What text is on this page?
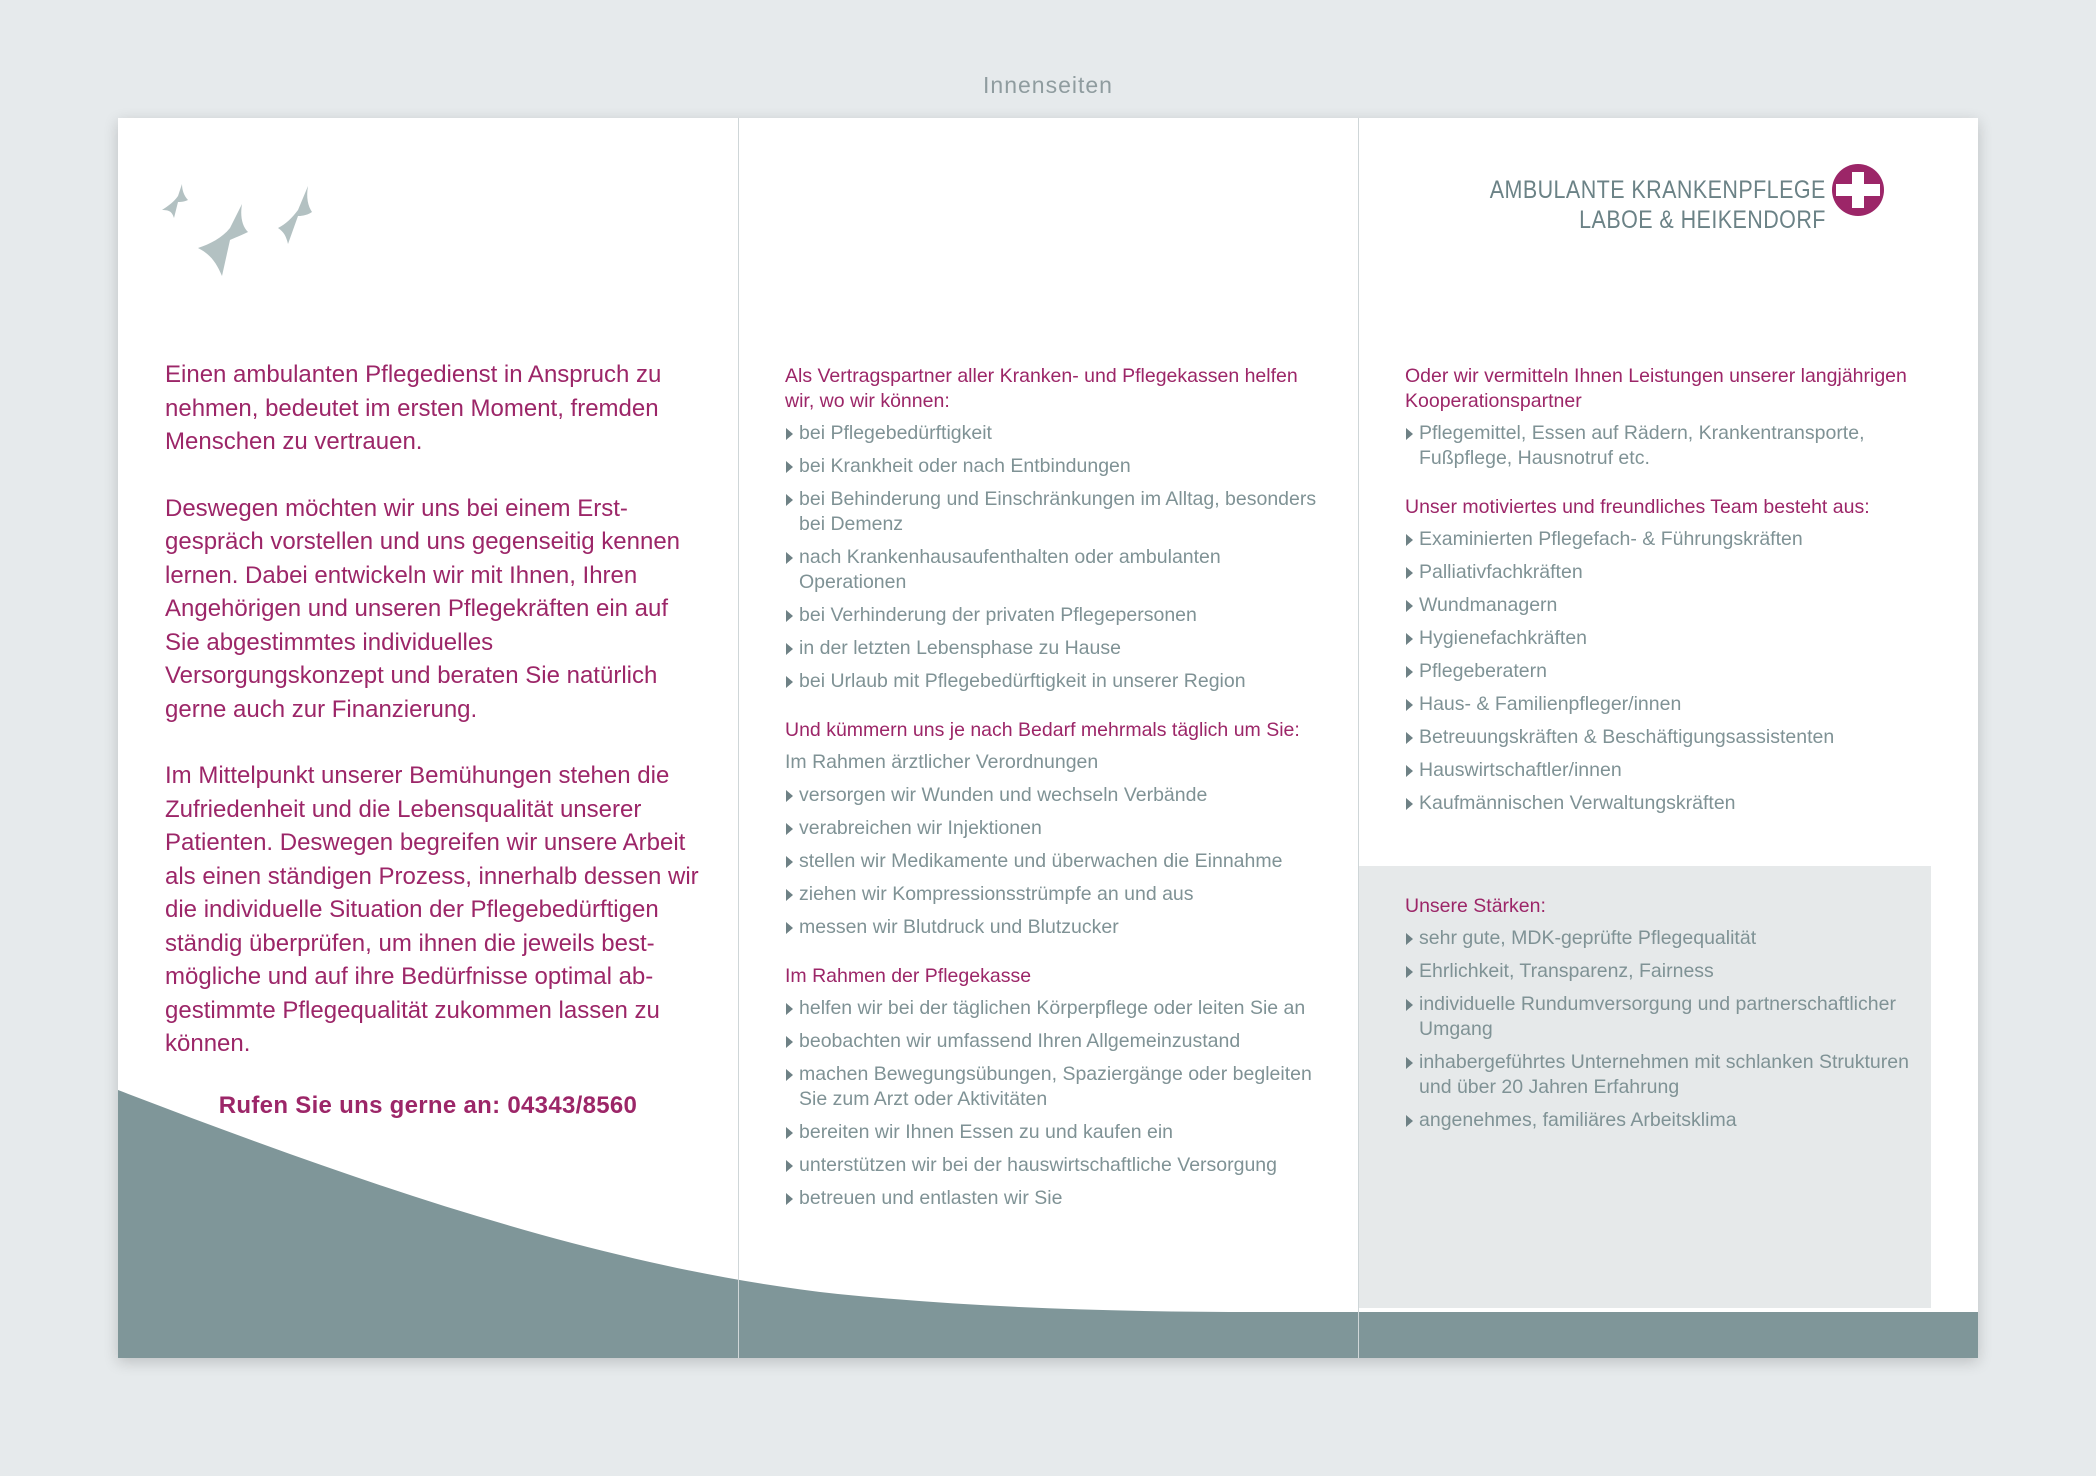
Innenseiten
AMBULANTE KRANKENPFLEGE
LABOE & HEIKENDORF

Einen ambulanten Pflegedienst in Anspruch zu nehmen, bedeutet im ersten Moment, fremden Menschen zu vertrauen.

Deswegen möchten wir uns bei einem Erstgespräch vorstellen und uns gegenseitig kennen lernen. Dabei entwickeln wir mit Ihnen, Ihren Angehörigen und unseren Pflegekräften ein auf Sie abgestimmtes individuelles Versorgungskonzept und beraten Sie natürlich gerne auch zur Finanzierung.

Im Mittelpunkt unserer Bemühungen stehen die Zufriedenheit und die Lebensqualität unserer Patienten. Deswegen begreifen wir unsere Arbeit als einen ständigen Prozess, innerhalb dessen wir die individuelle Situation der Pflegebedürftigen ständig überprüfen, um ihnen die jeweils bestmögliche und auf ihre Bedürfnisse optimal abgestimmte Pflegequalität zukommen lassen zu können.

Rufen Sie uns gerne an: 04343/8560
Als Vertragspartner aller Kranken- und Pflegekassen helfen wir, wo wir können:
bei Pflegebedürftigkeit
bei Krankheit oder nach Entbindungen
bei Behinderung und Einschränkungen im Alltag, besonders bei Demenz
nach Krankenhausaufenthalten oder ambulanten Operationen
bei Verhinderung der privaten Pflegepersonen
in der letzten Lebensphase zu Hause
bei Urlaub mit Pflegebedürftigkeit in unserer Region
Und kümmern uns je nach Bedarf mehrmals täglich um Sie:
Im Rahmen ärztlicher Verordnungen
versorgen wir Wunden und wechseln Verbände
verabreichen wir Injektionen
stellen wir Medikamente und überwachen die Einnahme
ziehen wir Kompressionsstrümpfe an und aus
messen wir Blutdruck und Blutzucker
Im Rahmen der Pflegekasse
helfen wir bei der täglichen Körperpflege oder leiten Sie an
beobachten wir umfassend Ihren Allgemeinzustand
machen Bewegungsübungen, Spaziergänge oder begleiten Sie zum Arzt oder Aktivitäten
bereiten wir Ihnen Essen zu und kaufen ein
unterstützen wir bei der hauswirtschaftliche Versorgung
betreuen und entlasten wir Sie
Oder wir vermitteln Ihnen Leistungen unserer langjährigen Kooperationspartner
Pflegemittel, Essen auf Rädern, Krankentransporte, Fußpflege, Hausnotruf etc.
Unser motiviertes und freundliches Team besteht aus:
Examinierten Pflegefach- & Führungskräften
Palliativfachkräften
Wundmanagern
Hygienefachkräften
Pflegeberatern
Haus- & Familienpfleger/innen
Betreuungskräften & Beschäftigungsassistenten
Hauswirtschaftler/innen
Kaufmännischen Verwaltungskräften
Unsere Stärken:
sehr gute, MDK-geprüfte Pflegequalität
Ehrlichkeit, Transparenz, Fairness
individuelle Rundumversorgung und partnerschaftlicher Umgang
inhabergeführtes Unternehmen mit schlanken Strukturen und über 20 Jahren Erfahrung
angenehmes, familiäres Arbeitsklima
